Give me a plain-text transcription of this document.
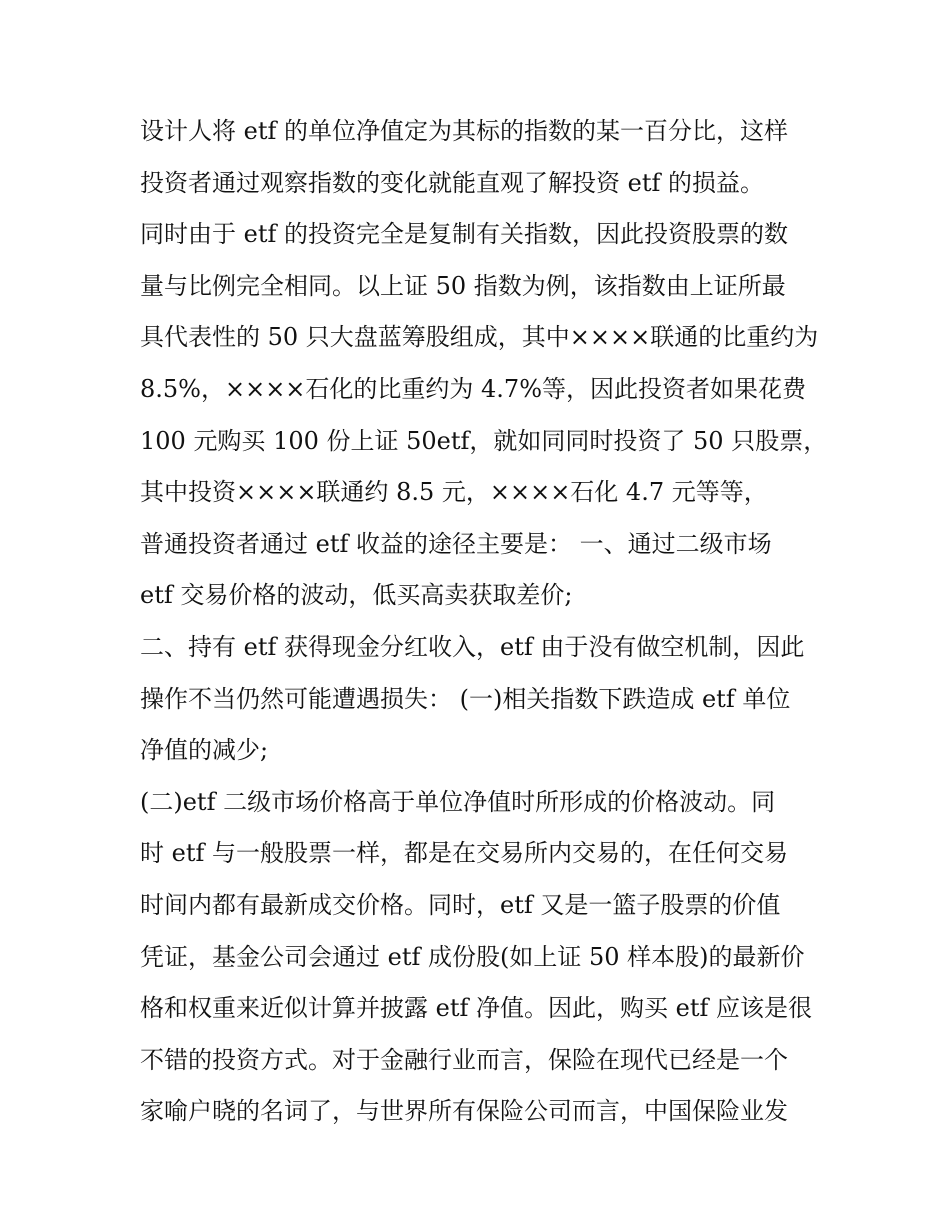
设计人将 etf 的单位净值定为其标的指数的某一百分比，这样
投资者通过观察指数的变化就能直观了解投资 etf 的损益。
同时由于 etf 的投资完全是复制有关指数，因此投资股票的数
量与比例完全相同。以上证 50 指数为例，该指数由上证所最
具代表性的 50 只大盘蓝筹股组成，其中××××联通的比重约为
8.5%，××××石化的比重约为 4.7%等，因此投资者如果花费
100 元购买 100 份上证 50etf，就如同同时投资了 50 只股票，
其中投资××××联通约 8.5 元，××××石化 4.7 元等等，
普通投资者通过 etf 收益的途径主要是： 一、通过二级市场
etf 交易价格的波动，低买高卖获取差价;
二、持有 etf 获得现金分红收入，etf 由于没有做空机制，因此
操作不当仍然可能遭遇损失： (一)相关指数下跌造成 etf 单位
净值的减少;
(二)etf 二级市场价格高于单位净值时所形成的价格波动。同
时 etf 与一般股票一样，都是在交易所内交易的，在任何交易
时间内都有最新成交价格。同时，etf 又是一篮子股票的价值
凭证，基金公司会通过 etf 成份股(如上证 50 样本股)的最新价
格和权重来近似计算并披露 etf 净值。因此，购买 etf 应该是很
不错的投资方式。对于金融行业而言，保险在现代已经是一个
家喻户晓的名词了，与世界所有保险公司而言，中国保险业发
